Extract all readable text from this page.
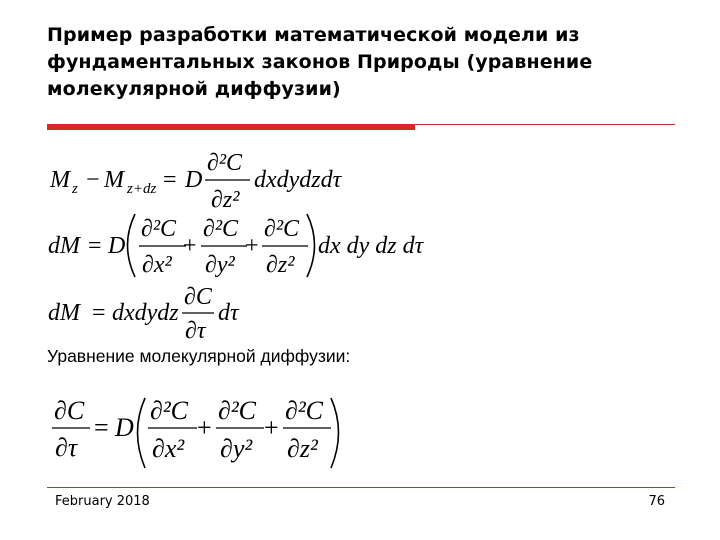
Пример разработки математической модели из фундаментальных законов Природы (уравнение молекулярной диффузии)
M z − M z+dz = D
∂²C
∂z²
dxdydzdτ
dM = D
∂²C
∂x²
+
∂²C
∂y²
+
∂²C
∂z²
dx dy dz dτ
dM = dxdydz
∂C
∂τ
dτ
∂C
∂τ
= D
∂²C
∂x²
+
∂²C
∂y²
+
∂²C
∂z²
Уравнение молекулярной диффузии:
February 2018	76
